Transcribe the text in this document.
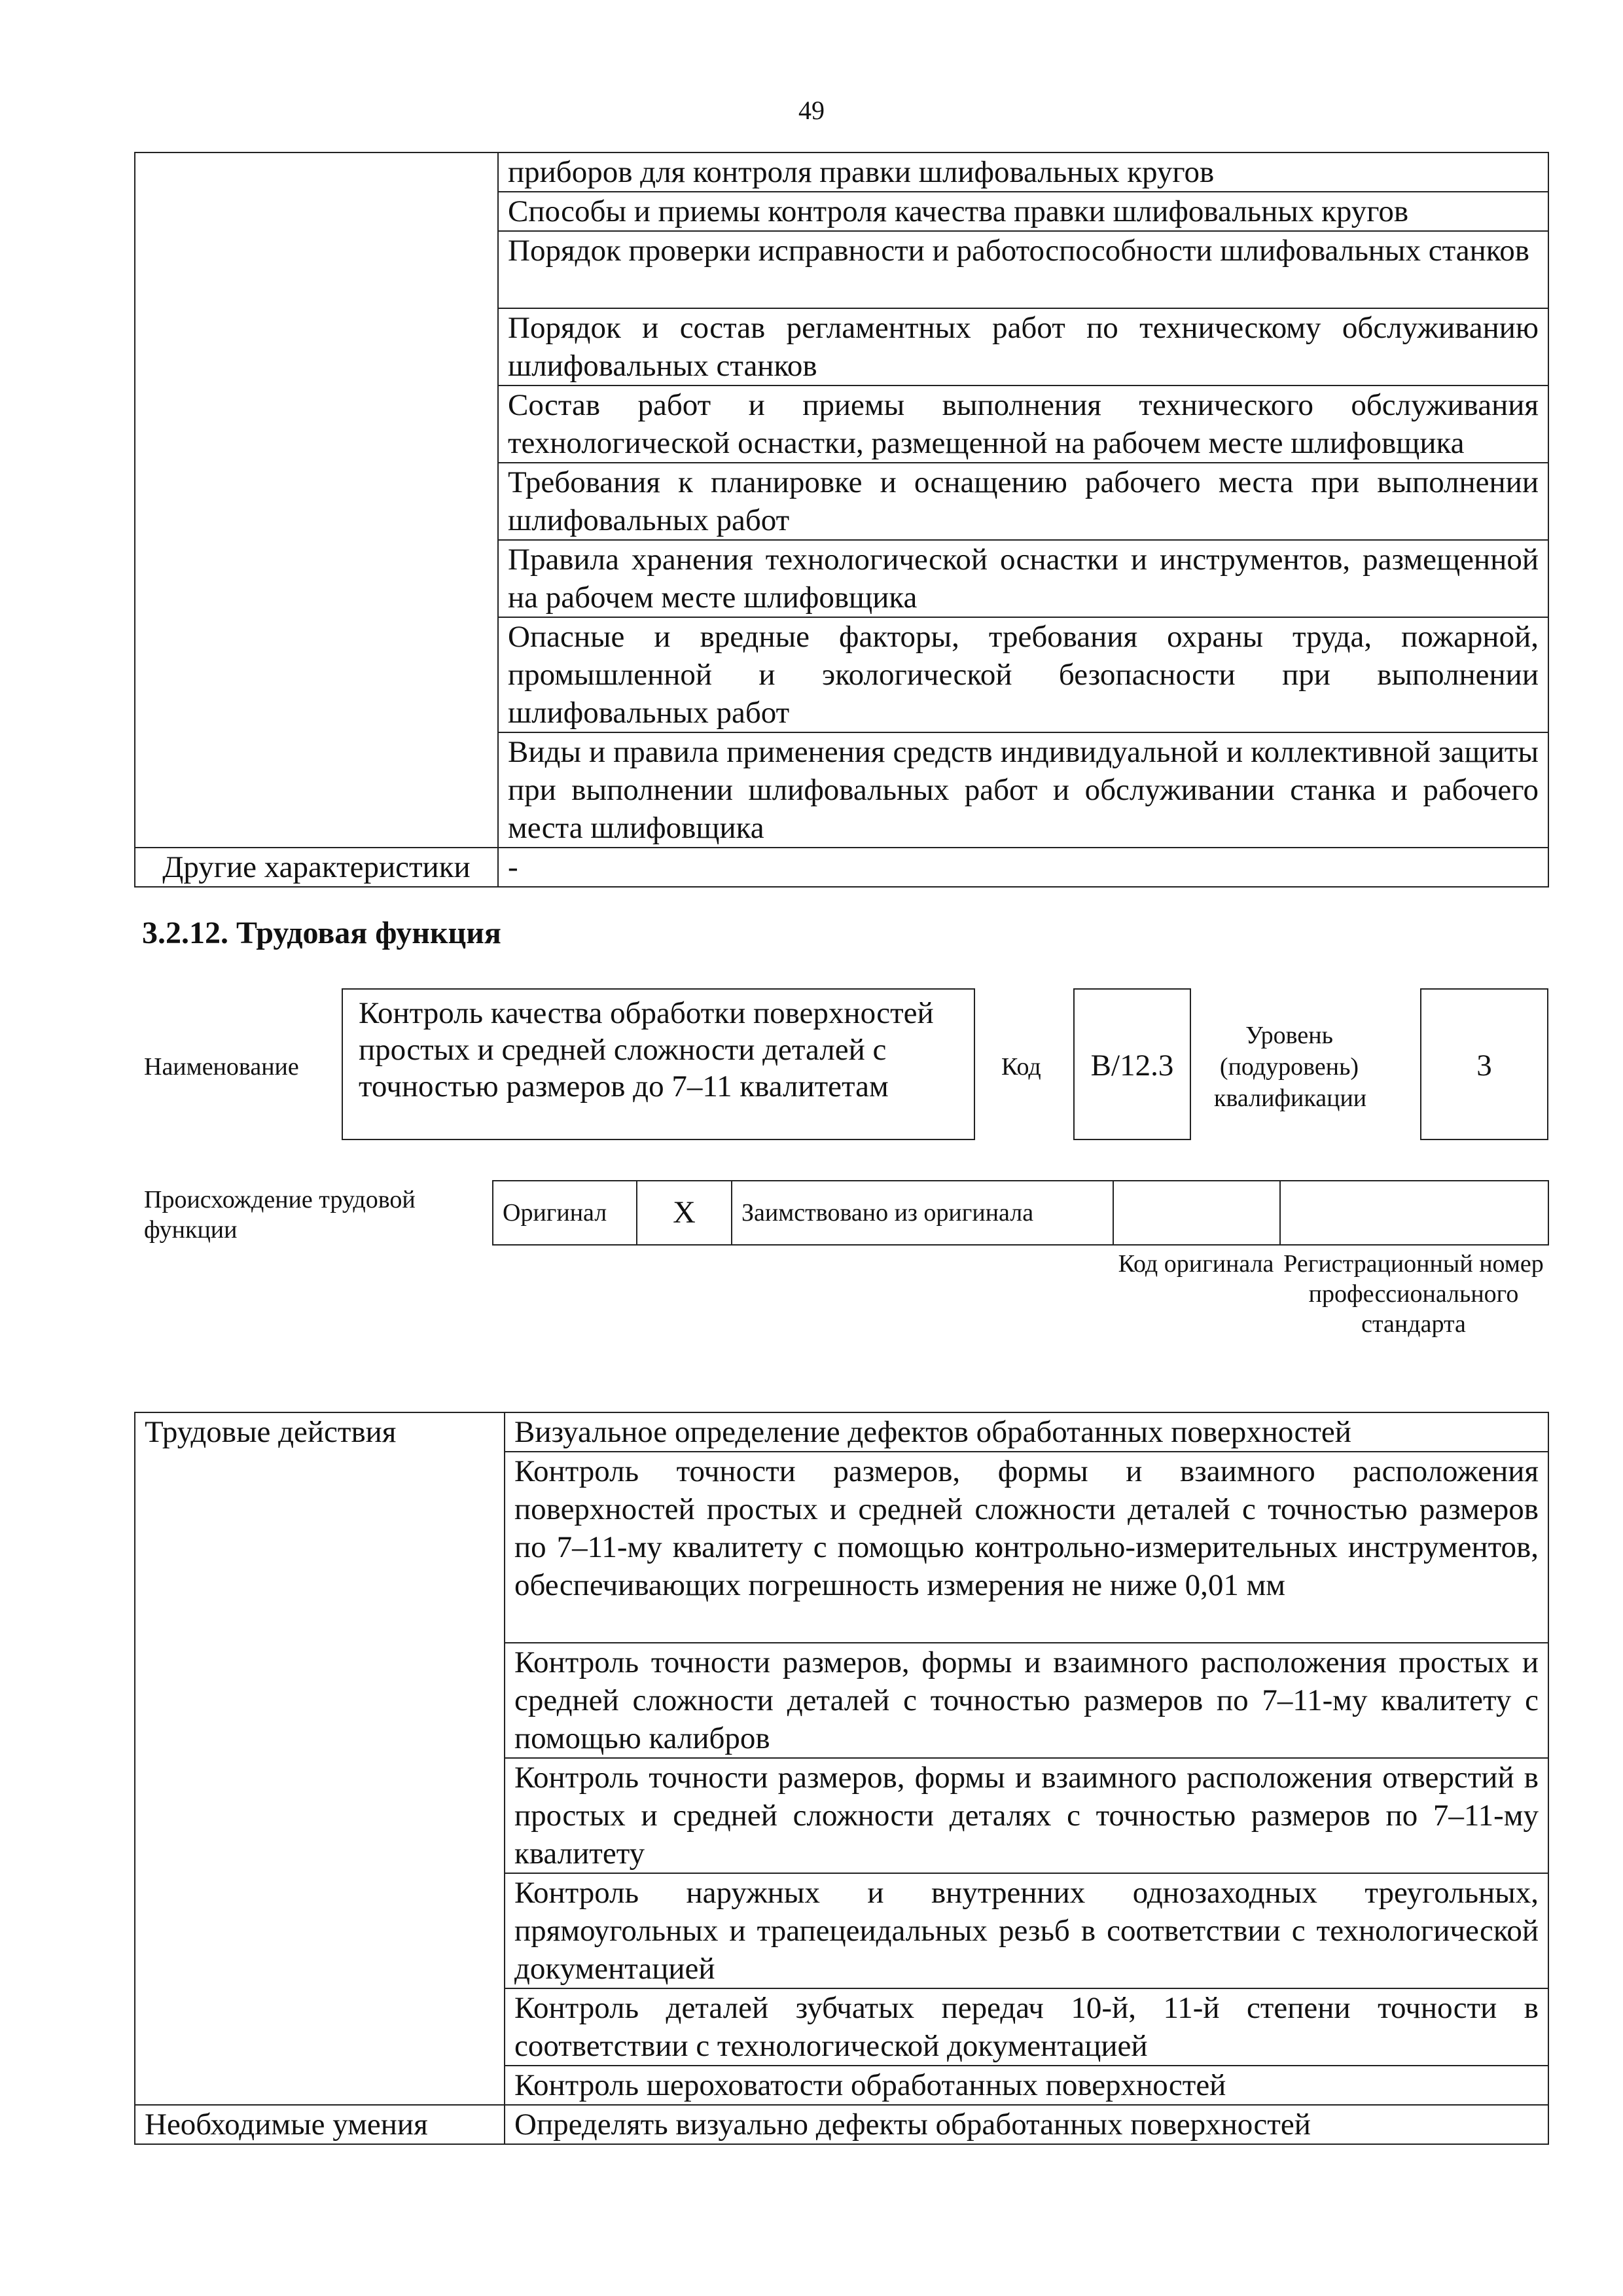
49
	приборов для контроля правки шлифовальных кругов
	Способы и приемы контроля качества правки шлифовальных кругов
	Порядок проверки исправности и работоспособности шлифовальных станков
	Порядок и состав регламентных работ по техническому обслуживанию шлифовальных станков
	Состав работ и приемы выполнения технического обслуживания технологической оснастки, размещенной на рабочем месте шлифовщика
	Требования к планировке и оснащению рабочего места при выполнении шлифовальных работ
	Правила хранения технологической оснастки и инструментов, размещенной на рабочем месте шлифовщика
	Опасные и вредные факторы, требования охраны труда, пожарной, промышленной и экологической безопасности при выполнении шлифовальных работ
	Виды и правила применения средств индивидуальной и коллективной защиты при выполнении шлифовальных работ и обслуживании станка и рабочего места шлифовщика
Другие характеристики	-
3.2.12. Трудовая функция
Наименование
Контроль качества обработки поверхностей простых и средней сложности деталей с точностью размеров до 7–11 квалитетам
Код	B/12.3
Уровень (подуровень) квалификации
3
Происхождение трудовой функции
Оригинал	X	Заимствовано из оригинала		
Код оригинала Регистрационный номер профессионального стандарта
Трудовые действия	Визуальное определение дефектов обработанных поверхностей
	Контроль точности размеров, формы и взаимного расположения поверхностей простых и средней сложности деталей с точностью размеров по 7–11-му квалитету с помощью контрольно-измерительных инструментов, обеспечивающих погрешность измерения не ниже 0,01 мм
	Контроль точности размеров, формы и взаимного расположения простых и средней сложности деталей с точностью размеров по 7–11-му квалитету с помощью калибров
	Контроль точности размеров, формы и взаимного расположения отверстий в простых и средней сложности деталях с точностью размеров по 7–11-му квалитету
	Контроль наружных и внутренних однозаходных треугольных, прямоугольных и трапецеидальных резьб в соответствии с технологической документацией
	Контроль деталей зубчатых передач 10-й, 11-й степени точности в соответствии с технологической документацией
	Контроль шероховатости обработанных поверхностей
Необходимые умения	Определять визуально дефекты обработанных поверхностей
